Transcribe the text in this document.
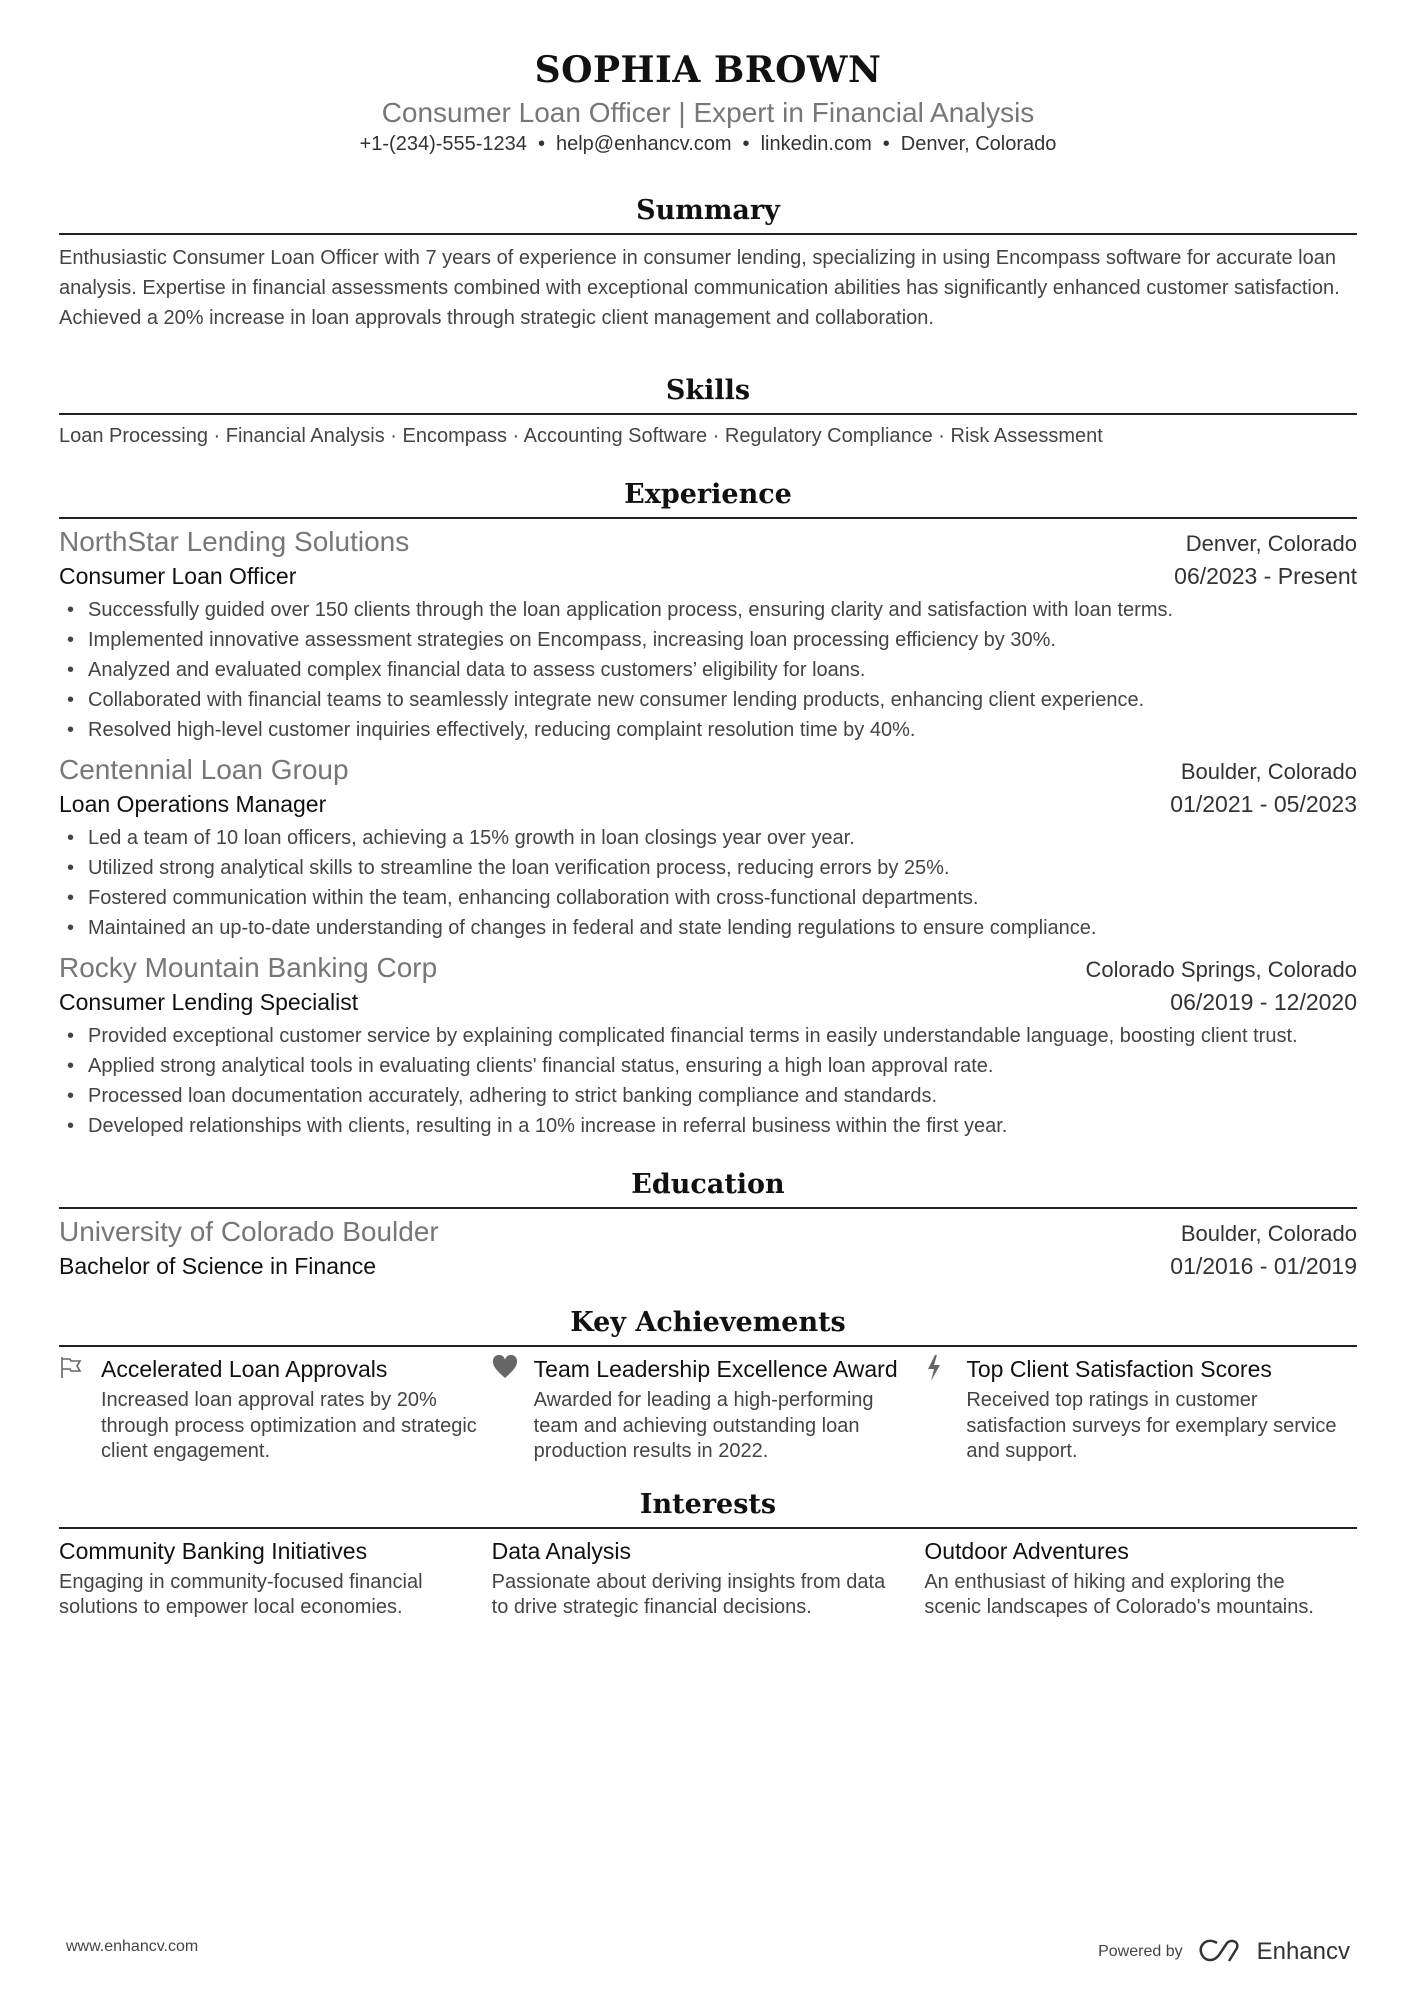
SOPHIA BROWN
Consumer Loan Officer | Expert in Financial Analysis
+1-(234)-555-1234 • help@enhancv.com • linkedin.com • Denver, Colorado
Summary
Enthusiastic Consumer Loan Officer with 7 years of experience in consumer lending, specializing in using Encompass software for accurate loan analysis. Expertise in financial assessments combined with exceptional communication abilities has significantly enhanced customer satisfaction. Achieved a 20% increase in loan approvals through strategic client management and collaboration.
Skills
Loan Processing · Financial Analysis · Encompass · Accounting Software · Regulatory Compliance · Risk Assessment
Experience
NorthStar Lending Solutions	Denver, Colorado
Consumer Loan Officer	06/2023 - Present
• Successfully guided over 150 clients through the loan application process, ensuring clarity and satisfaction with loan terms.
• Implemented innovative assessment strategies on Encompass, increasing loan processing efficiency by 30%.
• Analyzed and evaluated complex financial data to assess customers’ eligibility for loans.
• Collaborated with financial teams to seamlessly integrate new consumer lending products, enhancing client experience.
• Resolved high-level customer inquiries effectively, reducing complaint resolution time by 40%.
Centennial Loan Group	Boulder, Colorado
Loan Operations Manager	01/2021 - 05/2023
• Led a team of 10 loan officers, achieving a 15% growth in loan closings year over year.
• Utilized strong analytical skills to streamline the loan verification process, reducing errors by 25%.
• Fostered communication within the team, enhancing collaboration with cross-functional departments.
• Maintained an up-to-date understanding of changes in federal and state lending regulations to ensure compliance.
Rocky Mountain Banking Corp	Colorado Springs, Colorado
Consumer Lending Specialist	06/2019 - 12/2020
• Provided exceptional customer service by explaining complicated financial terms in easily understandable language, boosting client trust.
• Applied strong analytical tools in evaluating clients' financial status, ensuring a high loan approval rate.
• Processed loan documentation accurately, adhering to strict banking compliance and standards.
• Developed relationships with clients, resulting in a 10% increase in referral business within the first year.
Education
University of Colorado Boulder	Boulder, Colorado
Bachelor of Science in Finance	01/2016 - 01/2019
Key Achievements
Accelerated Loan Approvals
Increased loan approval rates by 20% through process optimization and strategic client engagement.
Team Leadership Excellence Award
Awarded for leading a high-performing team and achieving outstanding loan production results in 2022.
Top Client Satisfaction Scores
Received top ratings in customer satisfaction surveys for exemplary service and support.
Interests
Community Banking Initiatives
Engaging in community-focused financial solutions to empower local economies.
Data Analysis
Passionate about deriving insights from data to drive strategic financial decisions.
Outdoor Adventures
An enthusiast of hiking and exploring the scenic landscapes of Colorado's mountains.
www.enhancv.com	Powered by	Enhancv
